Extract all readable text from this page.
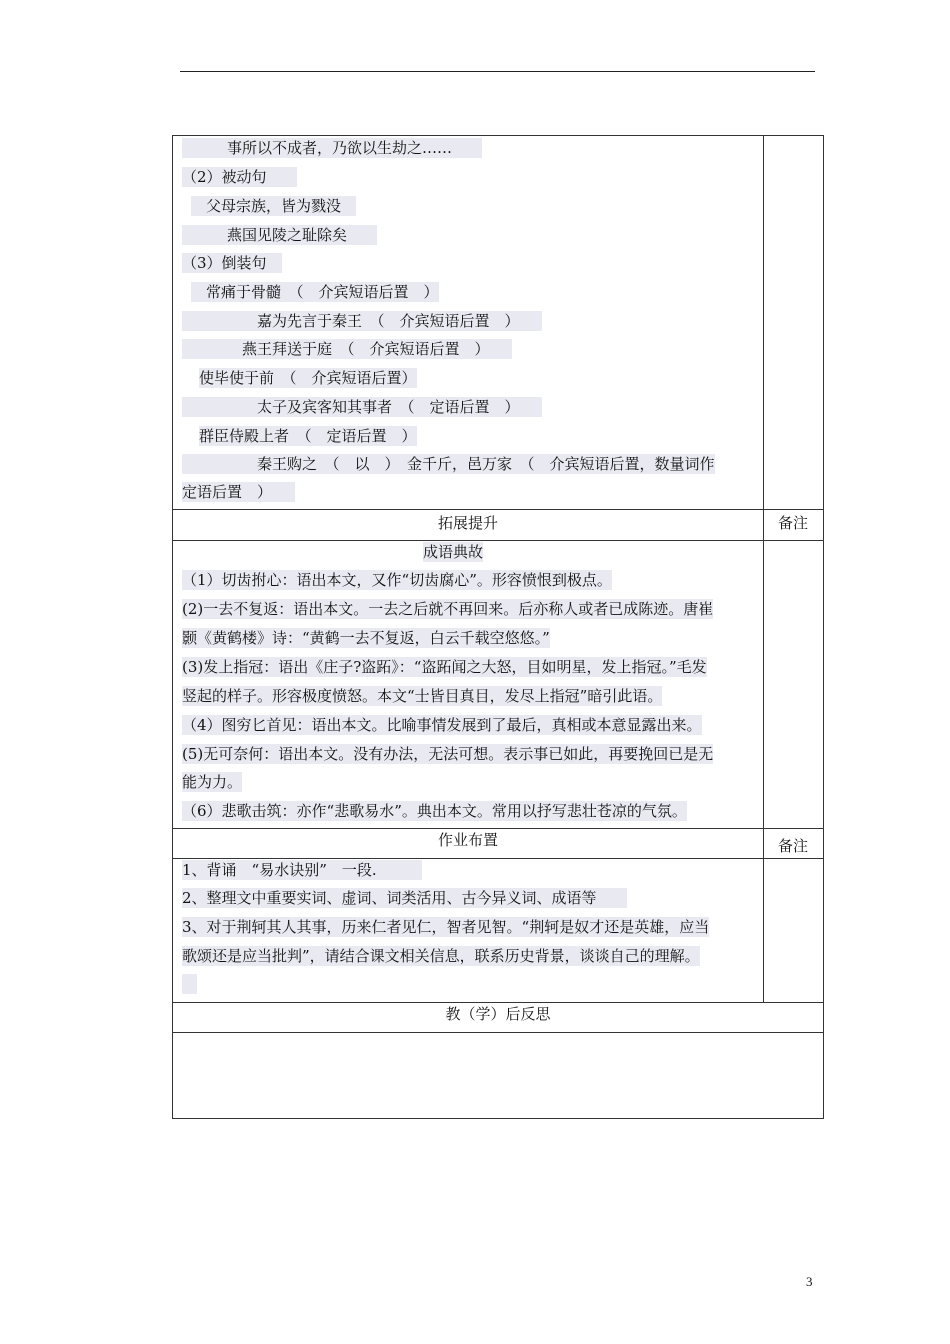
　　　事所以不成者，乃欲以生劫之……　　
（2）被动句　　
　父母宗族，皆为戮没　
　　　燕国见陵之耻除矣　　
（3）倒装句　
　常痛于骨髓　（　介宾短语后置　）
　　　　　嘉为先言于秦王　（　介宾短语后置　）　　
　　　　燕王拜送于庭　（　介宾短语后置　）　　
使毕使于前　（　介宾短语后置）
　　　　　太子及宾客知其事者　（　定语后置　）　　
群臣侍殿上者　（　定语后置　）
　　　　　秦王购之　（　以　）　金千斤，邑万家　（　介宾短语后置，数量词作
定语后置　）　　
拓展提升	备注
成语典故
（1）切齿拊心：语出本文，又作“切齿腐心”。形容愤恨到极点。
(2)一去不复返：语出本文。一去之后就不再回来。后亦称人或者已成陈迹。唐崔
颢《黄鹤楼》诗：“黄鹤一去不复返，白云千载空悠悠。”
(3)发上指冠：语出《庄子?盗跖》：“盗跖闻之大怒，目如明星，发上指冠。”毛发
竖起的样子。形容极度愤怒。本文“士皆目真目，发尽上指冠”暗引此语。
（4）图穷匕首见：语出本文。比喻事情发展到了最后，真相或本意显露出来。
(5)无可奈何：语出本文。没有办法，无法可想。表示事已如此，再要挽回已是无
能为力。
（6）悲歌击筑：亦作“悲歌易水”。典出本文。常用以抒写悲壮苍凉的气氛。
作业布置	备注
1、背诵　“易水诀别”　一段.　　　
2、整理文中重要实词、虚词、词类活用、古今异义词、成语等　　
3、对于荆轲其人其事，历来仁者见仁，智者见智。“荆轲是奴才还是英雄，应当
歌颂还是应当批判”，请结合课文相关信息，联系历史背景，谈谈自己的理解。

教（学）后反思
3
